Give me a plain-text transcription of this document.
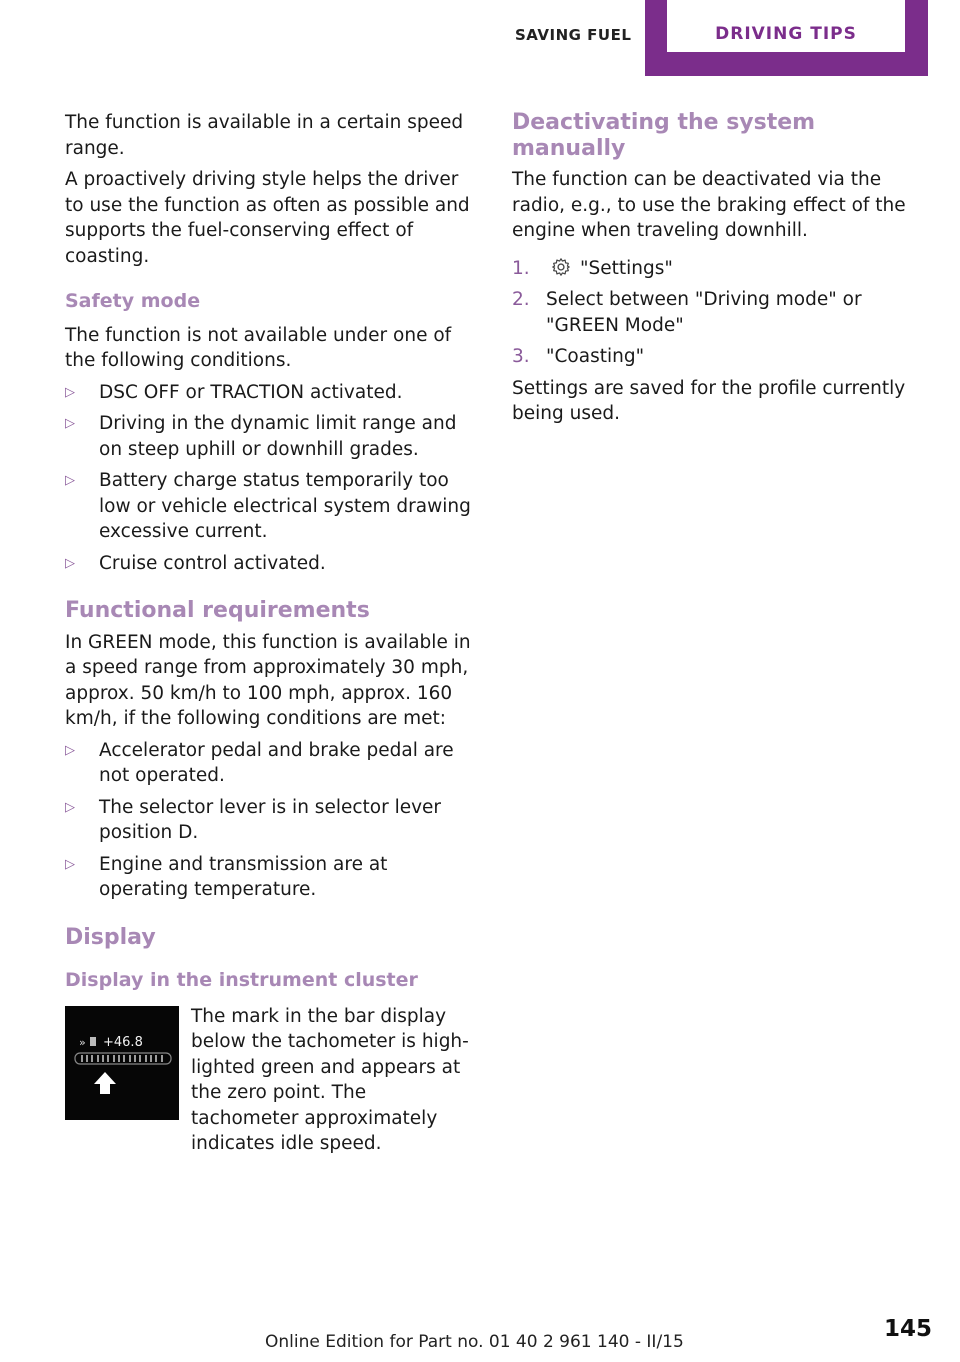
SAVING FUEL	DRIVING TIPS

The function is available in a certain speed range.

A proactively driving style helps the driver to use the function as often as possible and supports the fuel-conserving effect of coasting.

Safety mode

The function is not available under one of the following conditions.

▷	DSC OFF or TRACTION activated.
▷	Driving in the dynamic limit range and on steep uphill or downhill grades.
▷	Battery charge status temporarily too low or vehicle electrical system drawing excessive current.
▷	Cruise control activated.
Functional requirements

In GREEN mode, this function is available in a speed range from approximately 30 mph, approx. 50 km/h to 100 mph, approx. 160 km/h, if the following conditions are met:

▷	Accelerator pedal and brake pedal are not operated.
▷	The selector lever is in selector lever position D.
▷	Engine and transmission are at operating temperature.
Display
Display in the instrument cluster
» +46.8

The mark in the bar display below the tachometer is highlighted green and appears at the zero point. The tachometer approximately indicates idle speed.

Deactivating the system manually

The function can be deactivated via the radio, e.g., to use the braking effect of the engine when traveling downhill.

1.	"Settings"
2. Select between "Driving mode" or "GREEN Mode"
3. "Coasting"

Settings are saved for the profile currently being used.

Online Edition for Part no. 01 40 2 961 140 - II/15	145
